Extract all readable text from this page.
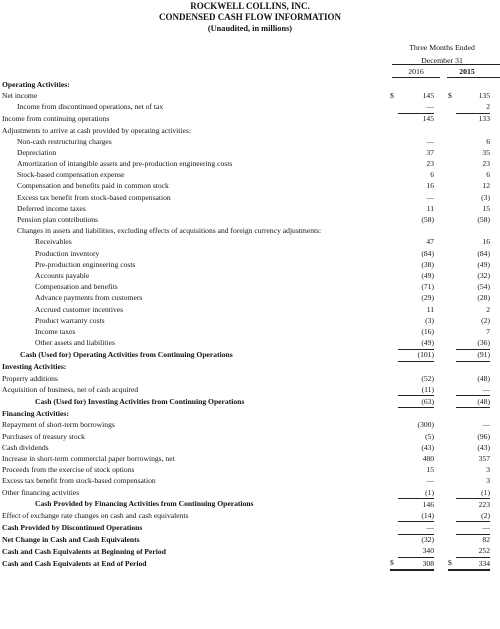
ROCKWELL COLLINS, INC.
CONDENSED CASH FLOW INFORMATION
(Unaudited, in millions)
Three Months Ended
December 31
2016	2015
Operating Activities:						
Net income	$	145		$	135	
Income from discontinued operations, net of tax		—			2	
Income from continuing operations		145			133	
Adjustments to arrive at cash provided by operating activities:						
Non-cash restructuring charges		—			6	
Depreciation		37			35	
Amortization of intangible assets and pre-production engineering costs		23			23	
Stock-based compensation expense		6			6	
Compensation and benefits paid in common stock		16			12	
Excess tax benefit from stock-based compensation		—			(3)	
Deferred income taxes		11			15	
Pension plan contributions		(58)			(58)	
Changes in assets and liabilities, excluding effects of acquisitions and foreign currency adjustments:						
Receivables		47			16	
Production inventory		(84)			(84)	
Pre-production engineering costs		(38)			(49)	
Accounts payable		(49)			(32)	
Compensation and benefits		(71)			(54)	
Advance payments from customers		(29)			(28)	
Accrued customer incentives		11			2	
Product warranty costs		(3)			(2)	
Income taxes		(16)			7	
Other assets and liabilities		(49)			(36)	
Cash (Used for) Operating Activities from Continuing Operations		(101)			(91)	
Investing Activities:						
Property additions		(52)			(48)	
Acquisition of business, net of cash acquired		(11)			—	
Cash (Used for) Investing Activities from Continuing Operations		(63)			(48)	
Financing Activities:						
Repayment of short-term borrowings		(300)			—	
Purchases of treasury stock		(5)			(96)	
Cash dividends		(43)			(43)	
Increase in short-term commercial paper borrowings, net		480			357	
Proceeds from the exercise of stock options		15			3	
Excess tax benefit from stock-based compensation		—			3	
Other financing activities		(1)			(1)	
Cash Provided by Financing Activities from Continuing Operations		146			223	
Effect of exchange rate changes on cash and cash equivalents		(14)			(2)	
Cash Provided by Discontinued Operations		—			—	
Net Change in Cash and Cash Equivalents		(32)			82	
Cash and Cash Equivalents at Beginning of Period		340			252	
Cash and Cash Equivalents at End of Period	$	308		$	334	
